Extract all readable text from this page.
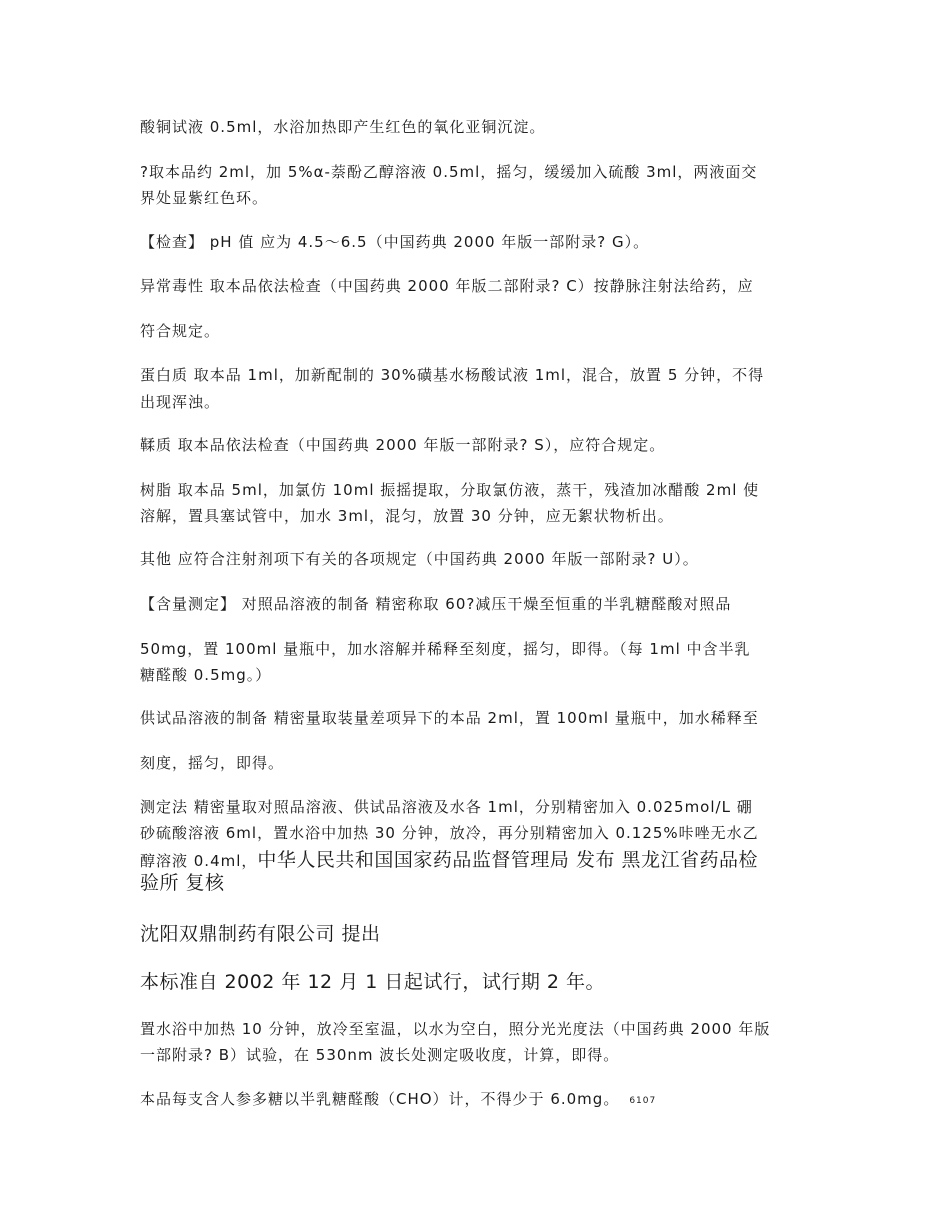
酸铜试液 0.5ml，水浴加热即产生红色的氧化亚铜沉淀。

?取本品约 2ml，加 5%α-萘酚乙醇溶液 0.5ml，摇匀，缓缓加入硫酸 3ml，两液面交

界处显紫红色环。

【检查】 pH 值 应为 4.5～6.5（中国药典 2000 年版一部附录? G）。

异常毒性 取本品依法检查（中国药典 2000 年版二部附录? C）按静脉注射法给药，应

符合规定。

蛋白质 取本品 1ml，加新配制的 30%磺基水杨酸试液 1ml，混合，放置 5 分钟，不得

出现浑浊。

鞣质 取本品依法检查（中国药典 2000 年版一部附录? S），应符合规定。

树脂 取本品 5ml，加氯仿 10ml 振摇提取，分取氯仿液，蒸干，残渣加冰醋酸 2ml 使

溶解，置具塞试管中，加水 3ml，混匀，放置 30 分钟，应无絮状物析出。

其他 应符合注射剂项下有关的各项规定（中国药典 2000 年版一部附录? U）。

【含量测定】 对照品溶液的制备 精密称取 60?减压干燥至恒重的半乳糖醛酸对照品

50mg，置 100ml 量瓶中，加水溶解并稀释至刻度，摇匀，即得。（每 1ml 中含半乳

糖醛酸 0.5mg。）

供试品溶液的制备 精密量取装量差项异下的本品 2ml，置 100ml 量瓶中，加水稀释至

刻度，摇匀，即得。

测定法 精密量取对照品溶液、供试品溶液及水各 1ml，分别精密加入 0.025mol/L 硼

砂硫酸溶液 6ml，置水浴中加热 30 分钟，放冷，再分别精密加入 0.125%咔唑无水乙

醇溶液 0.4ml，中华人民共和国国家药品监督管理局 发布 黑龙江省药品检

验所 复核

沈阳双鼎制药有限公司 提出

本标准自 2002 年 12 月 1 日起试行，试行期 2 年。

置水浴中加热 10 分钟，放冷至室温，以水为空白，照分光光度法（中国药典 2000 年版

一部附录? B）试验，在 530nm 波长处测定吸收度，计算，即得。

本品每支含人参多糖以半乳糖醛酸（CHO）计，不得少于 6.0mg。 6107
